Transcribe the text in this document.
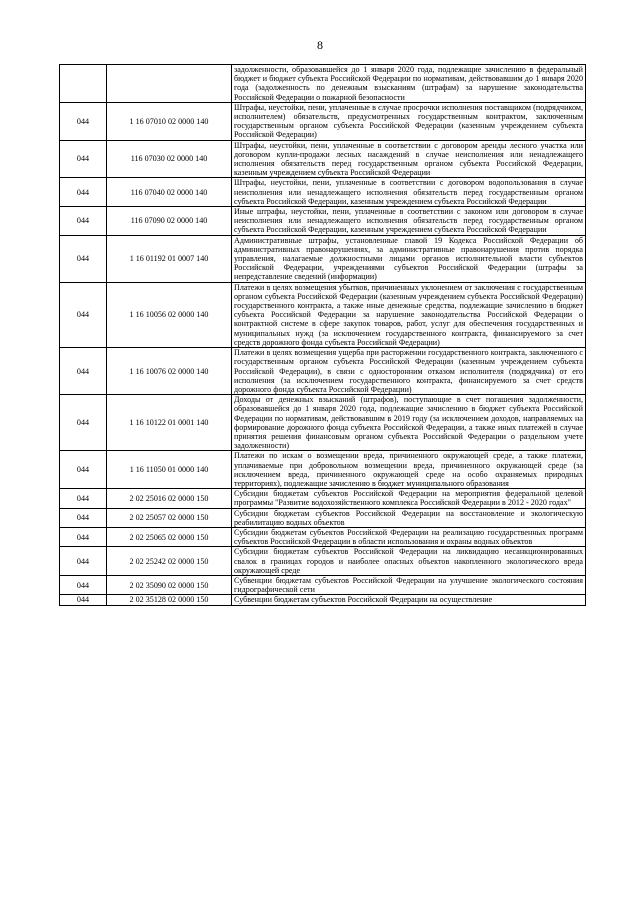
8
		задолженности, образовавшейся до 1 января 2020 года, подлежащие зачислению в федеральный бюджет и бюджет субъекта Российской Федерации по нормативам, действовавшим до 1 января 2020 года (задолженность по денежным взысканиям (штрафам) за нарушение законодательства Российской Федерации о пожарной безопасности
044	1 16 07010 02 0000 140	Штрафы, неустойки, пени, уплаченные в случае просрочки исполнения поставщиком (подрядчиком, исполнителем) обязательств, предусмотренных государственным контрактом, заключенным государственным органом субъекта Российской Федерации (казенным учреждением субъекта Российской Федерации)
044	116 07030 02 0000 140	Штрафы, неустойки, пени, уплаченные в соответствии с договором аренды лесного участка или договором купли-продажи лесных насаждений в случае неисполнения или ненадлежащего исполнения обязательств перед государственным органом субъекта Российской Федерации, казенным учреждением субъекта Российской Федерации
044	116 07040 02 0000 140	Штрафы, неустойки, пени, уплаченные в соответствии с договором водопользования в случае неисполнения или ненадлежащего исполнения обязательств перед государственным органом субъекта Российской Федерации, казенным учреждением субъекта Российской Федерации
044	116 07090 02 0000 140	Иные штрафы, неустойки, пени, уплаченные в соответствии с законом или договором в случае неисполнения или ненадлежащего исполнения обязательств перед государственным органом субъекта Российской Федерации, казенным учреждением субъекта Российской Федерации
044	1 16 01192 01 0007 140	Административные штрафы, установленные главой 19 Кодекса Российской Федерации об административных правонарушениях, за административные правонарушения против порядка управления, налагаемые должностными лицами органов исполнительной власти субъектов Российской Федерации, учреждениями субъектов Российской Федерации (штрафы за непредставление сведений (информации)
044	1 16 10056 02 0000 140	Платежи в целях возмещения убытков, причиненных уклонением от заключения с государственным органом субъекта Российской Федерации (казенным учреждением субъекта Российской Федерации) государственного контракта, а также иные денежные средства, подлежащие зачислению в бюджет субъекта Российской Федерации за нарушение законодательства Российской Федерации о контрактной системе в сфере закупок товаров, работ, услуг для обеспечения государственных и муниципальных нужд (за исключением государственного контракта, финансируемого за счет средств дорожного фонда субъекта Российской Федерации)
044	1 16 10076 02 0000 140	Платежи в целях возмещения ущерба при расторжении государственного контракта, заключенного с государственным органом субъекта Российской Федерации (казенным учреждением субъекта Российской Федерации), в связи с односторонним отказом исполнителя (подрядчика) от его исполнения (за исключением государственного контракта, финансируемого за счет средств дорожного фонда субъекта Российской Федерации)
044	1 16 10122 01 0001 140	Доходы от денежных взысканий (штрафов), поступающие в счет погашения задолженности, образовавшейся до 1 января 2020 года, подлежащие зачислению в бюджет субъекта Российской Федерации по нормативам, действовавшим в 2019 году (за исключением доходов, направляемых на формирование дорожного фонда субъекта Российской Федерации, а также иных платежей в случае принятия решения финансовым органом субъекта Российской Федерации о раздельном учете задолженности)
044	1 16 11050 01 0000 140	Платежи по искам о возмещении вреда, причиненного окружающей среде, а также платежи, уплачиваемые при добровольном возмещении вреда, причиненного окружающей среде (за исключением вреда, причиненного окружающей среде на особо охраняемых природных территориях), подлежащие зачислению в бюджет муниципального образования
044	2 02 25016 02 0000 150	Субсидии бюджетам субъектов Российской Федерации на мероприятия федеральной целевой программы "Развитие водохозяйственного комплекса Российской Федерации в 2012 - 2020 годах"
044	2 02 25057 02 0000 150	Субсидии бюджетам субъектов Российской Федерации на восстановление и экологическую реабилитацию водных объектов
044	2 02 25065 02 0000 150	Субсидии бюджетам субъектов Российской Федерации на реализацию государственных программ субъектов Российской Федерации в области использования и охраны водных объектов
044	2 02 25242 02 0000 150	Субсидии бюджетам субъектов Российской Федерации на ликвидацию несанкционированных свалок в границах городов и наиболее опасных объектов накопленного экологического вреда окружающей среде
044	2 02 35090 02 0000 150	Субвенции бюджетам субъектов Российской Федерации на улучшение экологического состояния гидрографической сети
044	2 02 35128 02 0000 150	Субвенции бюджетам субъектов Российской Федерации на осуществление
